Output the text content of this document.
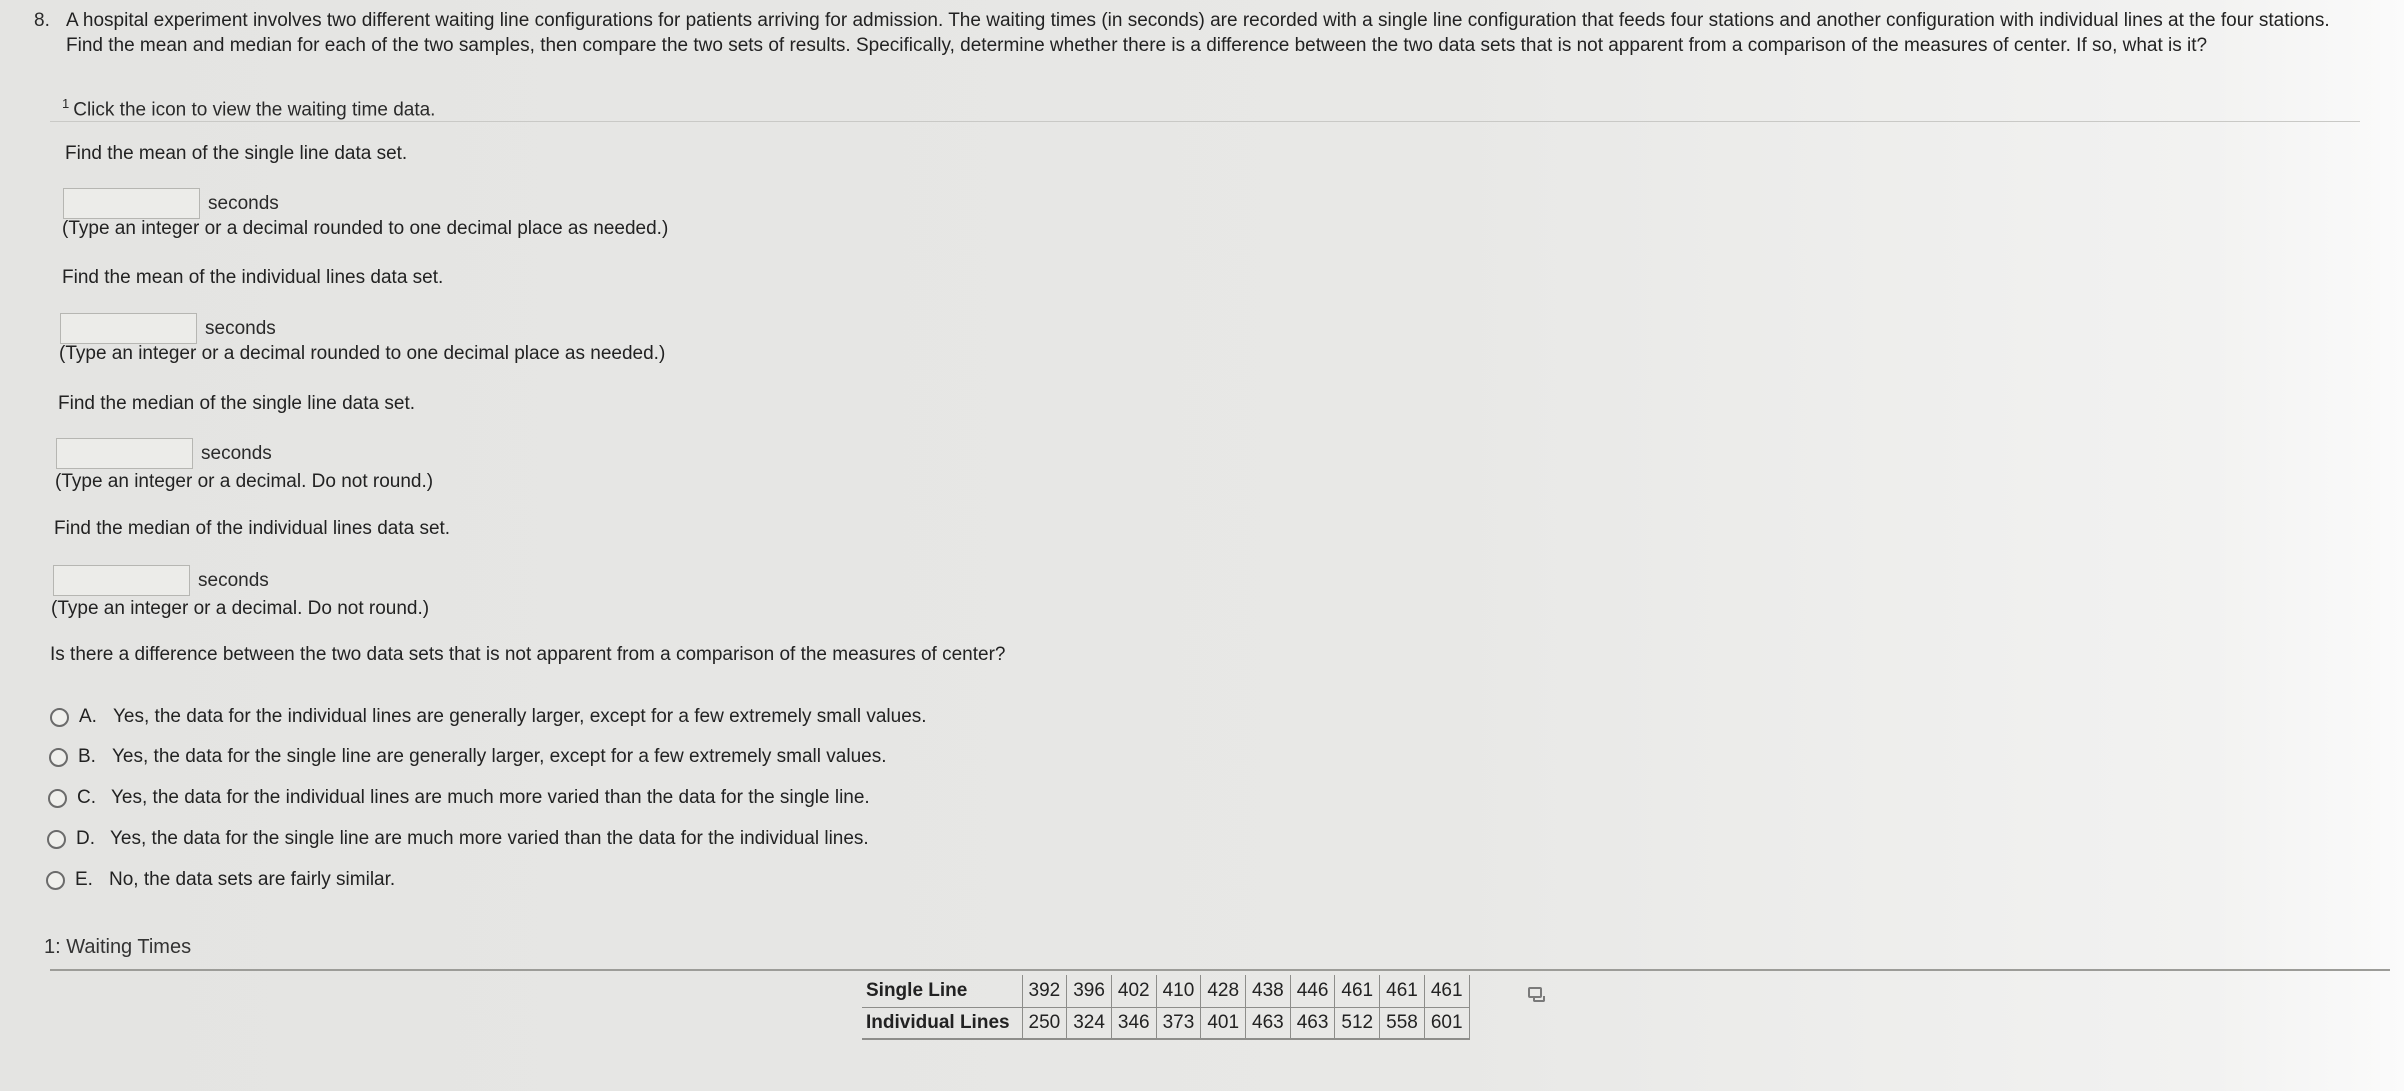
8. A hospital experiment involves two different waiting line configurations for patients arriving for admission. The waiting times (in seconds) are recorded with a single line configuration that feeds four stations and another configuration with individual lines at the four stations. Find the mean and median for each of the two samples, then compare the two sets of results. Specifically, determine whether there is a difference between the two data sets that is not apparent from a comparison of the measures of center. If so, what is it?
$^1$ Click the icon to view the waiting time data.
Find the mean of the single line data set.
seconds
(Type an integer or a decimal rounded to one decimal place as needed.)
Find the mean of the individual lines data set.
seconds
(Type an integer or a decimal rounded to one decimal place as needed.)
Find the median of the single line data set.
seconds
(Type an integer or a decimal. Do not round.)
Find the median of the individual lines data set.
seconds
(Type an integer or a decimal. Do not round.)
Is there a difference between the two data sets that is not apparent from a comparison of the measures of center?
A. Yes, the data for the individual lines are generally larger, except for a few extremely small values.
B. Yes, the data for the single line are generally larger, except for a few extremely small values.
C. Yes, the data for the individual lines are much more varied than the data for the single line.
D. Yes, the data for the single line are much more varied than the data for the individual lines.
E. No, the data sets are fairly similar.
1: Waiting Times
Single Line	392	396	402	410	428	438	446	461	461	461
Individual Lines	250	324	346	373	401	463	463	512	558	601
